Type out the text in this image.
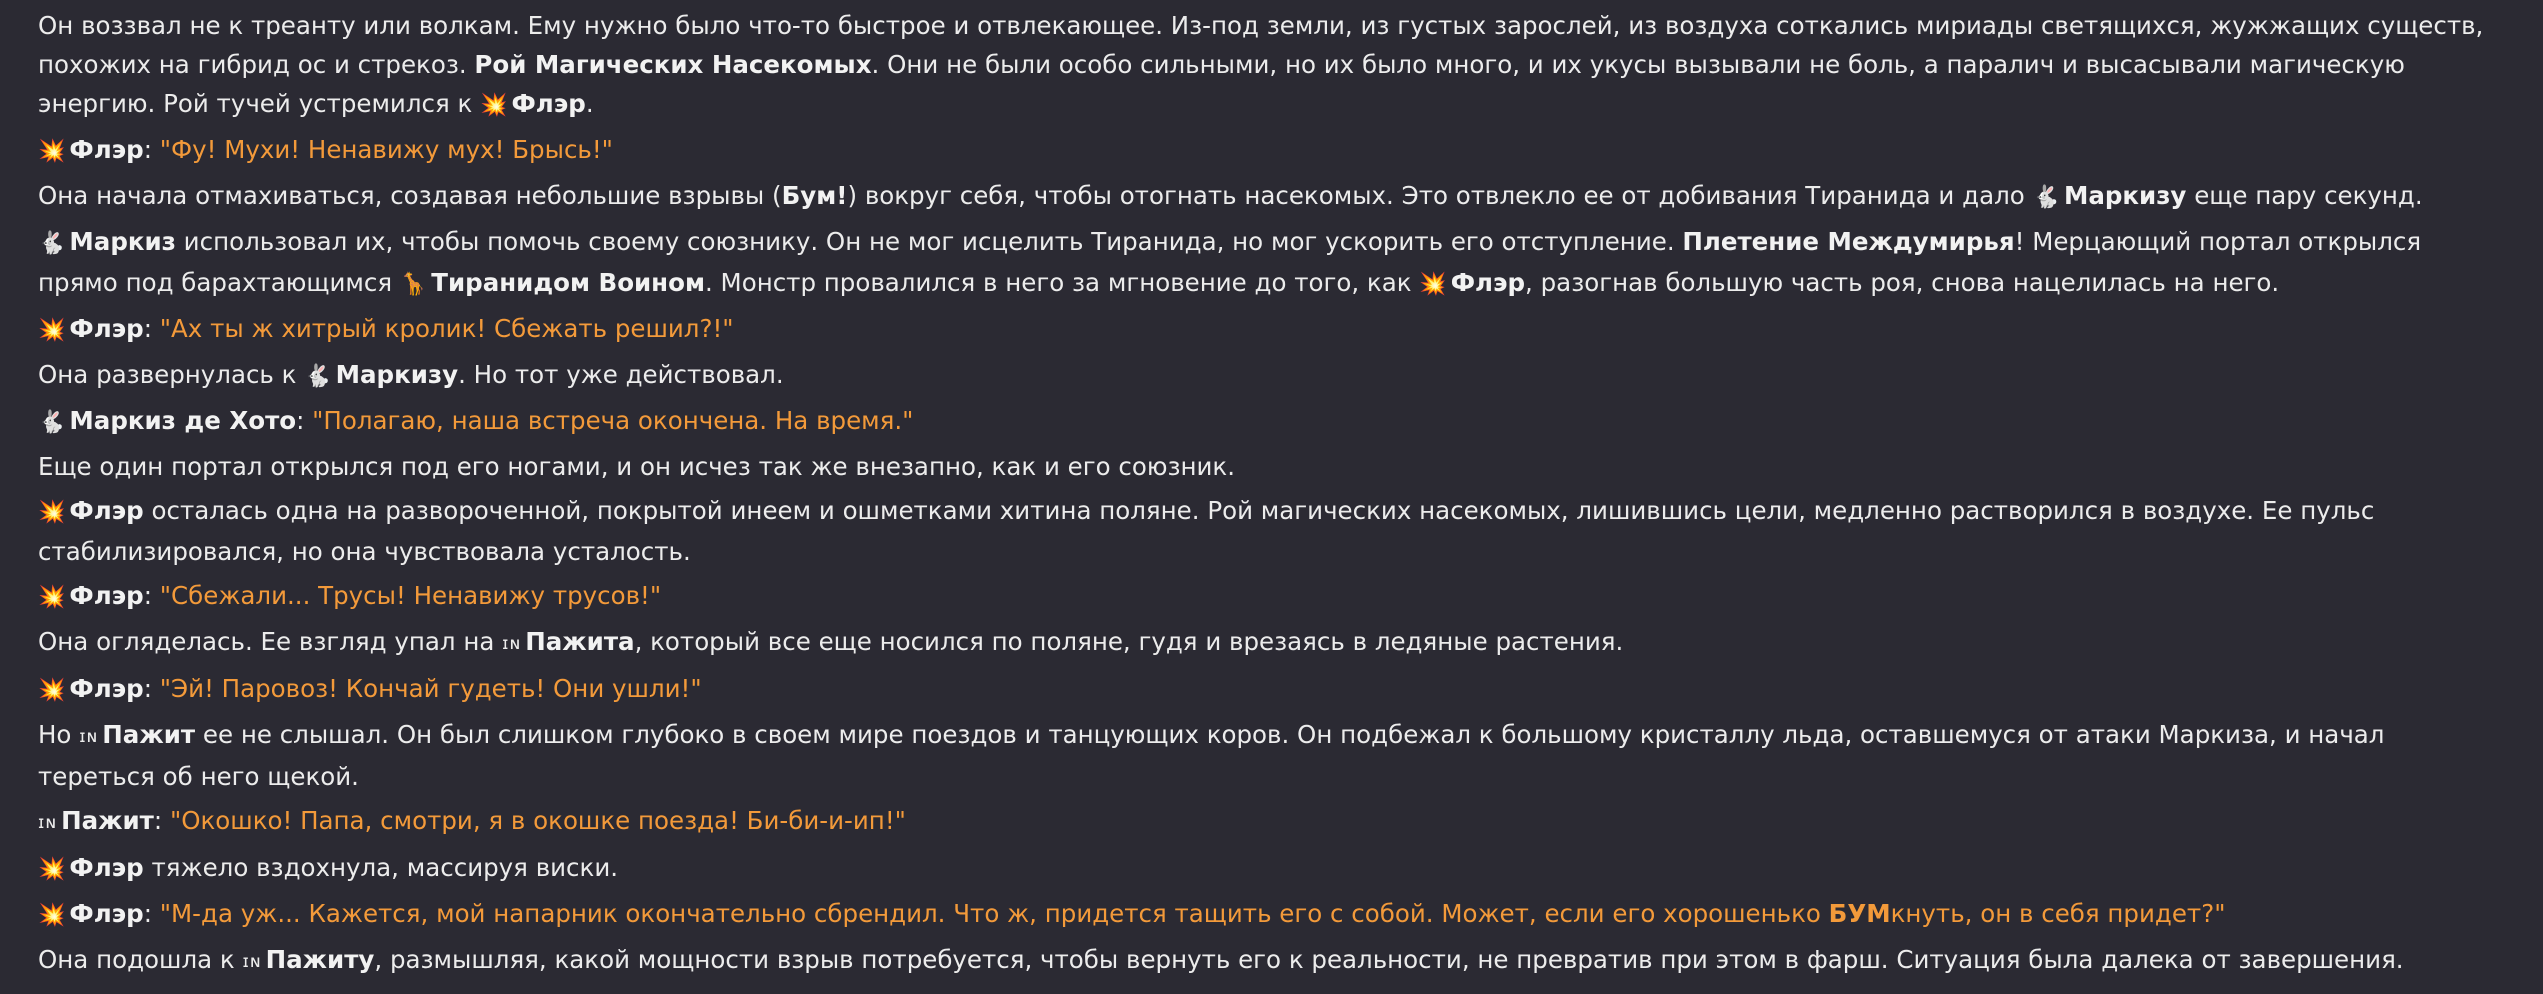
Он воззвал не к трeанту или волкам. Ему нужно было что-то быстрое и отвлекающее. Из-под земли, из густых зарослей, из воздуха соткались мириады светящихся, жужжащих существ, похожих на гибрид ос и стрекоз. Рой Магических Насекомых. Они не были особо сильными, но их было много, и их укусы вызывали не боль, а паралич и высасывали магическую энергию. Рой тучей устремился к 💥 Флэр.

💥 Флэр: "Фу! Мухи! Ненавижу мух! Брысь!"

Она начала отмахиваться, создавая небольшие взрывы (Бум!) вокруг себя, чтобы отогнать насекомых. Это отвлекло ее от добивания Тиранида и дало 🐇 Маркизу еще пару секунд.

🐇 Маркиз использовал их, чтобы помочь своему союзнику. Он не мог исцелить Тиранида, но мог ускорить его отступление. Плетение Междумирья! Мерцающий портал открылся прямо под барахтающимся 🦒 Тиранидом Воином. Монстр провалился в него за мгновение до того, как 💥 Флэр, разогнав большую часть роя, снова нацелилась на него.

💥 Флэр: "Ах ты ж хитрый кролик! Сбежать решил?!"

Она развернулась к 🐇 Маркизу. Но тот уже действовал.

🐇 Маркиз де Хото: "Полагаю, наша встреча окончена. На время."

Еще один портал открылся под его ногами, и он исчез так же внезапно, как и его союзник.

💥 Флэр осталась одна на развороченной, покрытой инеем и ошметками хитина поляне. Рой магических насекомых, лишившись цели, медленно растворился в воздухе. Ее пульс стабилизировался, но она чувствовала усталость.

💥 Флэр: "Сбежали... Трусы! Ненавижу трусов!"

Она огляделась. Ее взгляд упал на ɪɴ Пажита, который все еще носился по поляне, гудя и врезаясь в ледяные растения.

💥 Флэр: "Эй! Паровоз! Кончай гудеть! Они ушли!"

Но ɪɴ Пажит ее не слышал. Он был слишком глубоко в своем мире поездов и танцующих коров. Он подбежал к большому кристаллу льда, оставшемуся от атаки Маркиза, и начал тереться об него щекой.

ɪɴ Пажит: "Окошко! Папа, смотри, я в окошке поезда! Би-би-и-ип!"

💥 Флэр тяжело вздохнула, массируя виски.

💥 Флэр: "М-да уж... Кажется, мой напарник окончательно сбрендил. Что ж, придется тащить его с собой. Может, если его хорошенько БУМкнуть, он в себя придет?"

Она подошла к ɪɴ Пажиту, размышляя, какой мощности взрыв потребуется, чтобы вернуть его к реальности, не превратив при этом в фарш. Ситуация была далека от завершения.
